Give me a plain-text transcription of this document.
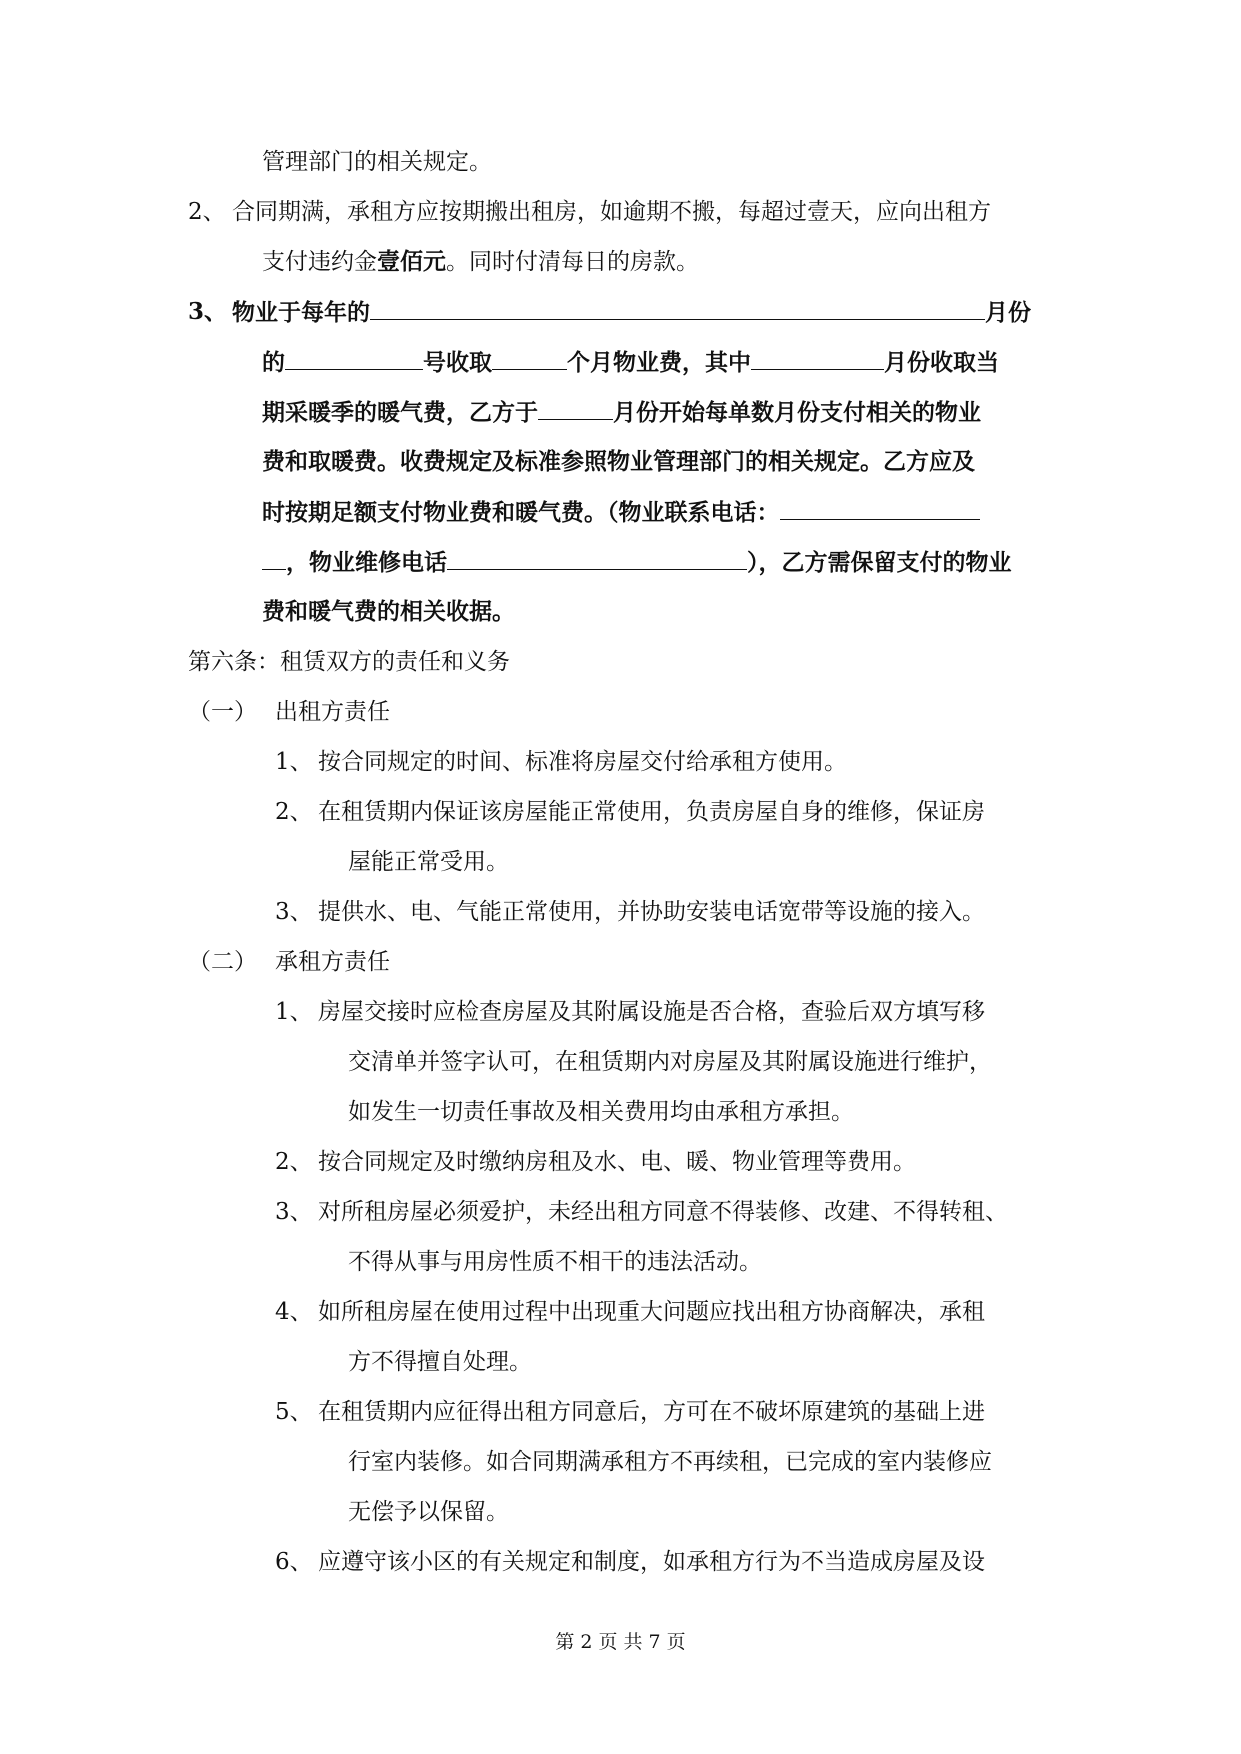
管理部门的相关规定。
2、 合同期满，承租方应按期搬出租房，如逾期不搬，每超过壹天，应向出租方
支付违约金壹佰元。同时付清每日的房款。
3、 物业于每年的	月份
的	号收取	个月物业费，其中	月份收取当
期采暖季的暖气费，乙方于	月份开始每单数月份支付相关的物业
费和取暖费。收费规定及标准参照物业管理部门的相关规定。乙方应及
时按期足额支付物业费和暖气费。（物业联系电话：
，物业维修电话	），乙方需保留支付的物业
费和暖气费的相关收据。
第六条：租赁双方的责任和义务
（一） 出租方责任
1、 按合同规定的时间、标准将房屋交付给承租方使用。
2、 在租赁期内保证该房屋能正常使用，负责房屋自身的维修，保证房
屋能正常受用。
3、 提供水、电、气能正常使用，并协助安装电话宽带等设施的接入。
（二） 承租方责任
1、 房屋交接时应检查房屋及其附属设施是否合格，查验后双方填写移
交清单并签字认可，在租赁期内对房屋及其附属设施进行维护，
如发生一切责任事故及相关费用均由承租方承担。
2、 按合同规定及时缴纳房租及水、电、暖、物业管理等费用。
3、 对所租房屋必须爱护，未经出租方同意不得装修、改建、不得转租、
不得从事与用房性质不相干的违法活动。
4、 如所租房屋在使用过程中出现重大问题应找出租方协商解决，承租
方不得擅自处理。
5、 在租赁期内应征得出租方同意后，方可在不破坏原建筑的基础上进
行室内装修。如合同期满承租方不再续租，已完成的室内装修应
无偿予以保留。
6、 应遵守该小区的有关规定和制度，如承租方行为不当造成房屋及设
第 2 页 共 7 页
